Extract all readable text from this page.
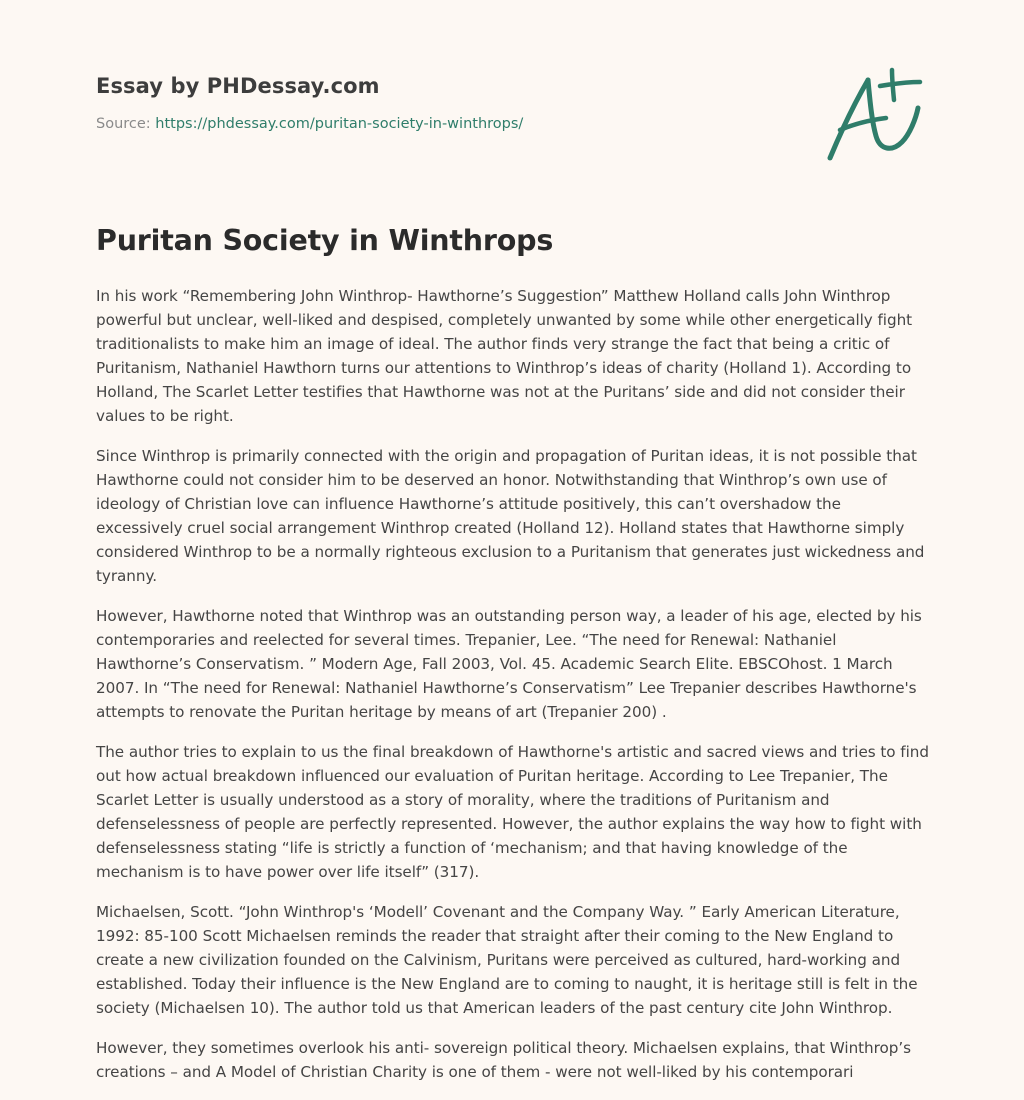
Essay by PHDessay.com
Source: https://phdessay.com/puritan-society-in-winthrops/
Puritan Society in Winthrops

In his work “Remembering John Winthrop- Hawthorne’s Suggestion” Matthew Holland calls John Winthrop powerful but unclear, well-liked and despised, completely unwanted by some while other energetically fight traditionalists to make him an image of ideal. The author finds very strange the fact that being a critic of Puritanism, Nathaniel Hawthorn turns our attentions to Winthrop’s ideas of charity (Holland 1). According to Holland, The Scarlet Letter testifies that Hawthorne was not at the Puritans’ side and did not consider their values to be right.

Since Winthrop is primarily connected with the origin and propagation of Puritan ideas, it is not possible that Hawthorne could not consider him to be deserved an honor. Notwithstanding that Winthrop’s own use of ideology of Christian love can influence Hawthorne’s attitude positively, this can’t overshadow the excessively cruel social arrangement Winthrop created (Holland 12). Holland states that Hawthorne simply considered Winthrop to be a normally righteous exclusion to a Puritanism that generates just wickedness and tyranny.

However, Hawthorne noted that Winthrop was an outstanding person way, a leader of his age, elected by his contemporaries and reelected for several times. Trepanier, Lee. “The need for Renewal: Nathaniel Hawthorne’s Conservatism. ” Modern Age, Fall 2003, Vol. 45. Academic Search Elite. EBSCOhost. 1 March 2007. In “The need for Renewal: Nathaniel Hawthorne’s Conservatism” Lee Trepanier describes Hawthorne's attempts to renovate the Puritan heritage by means of art (Trepanier 200) .

The author tries to explain to us the final breakdown of Hawthorne's artistic and sacred views and tries to find out how actual breakdown influenced our evaluation of Puritan heritage. According to Lee Trepanier, The Scarlet Letter is usually understood as a story of morality, where the traditions of Puritanism and defenselessness of people are perfectly represented. However, the author explains the way how to fight with defenselessness stating “life is strictly a function of ‘mechanism; and that having knowledge of the mechanism is to have power over life itself” (317).

Michaelsen, Scott. “John Winthrop's ‘Modell’ Covenant and the Company Way. ” Early American Literature, 1992: 85-100 Scott Michaelsen reminds the reader that straight after their coming to the New England to create a new civilization founded on the Calvinism, Puritans were perceived as cultured, hard-working and established. Today their influence is the New England are to coming to naught, it is heritage still is felt in the society (Michaelsen 10). The author told us that American leaders of the past century cite John Winthrop.

However, they sometimes overlook his anti- sovereign political theory. Michaelsen explains, that Winthrop’s creations – and A Model of Christian Charity is one of them - were not well-liked by his contemporari
